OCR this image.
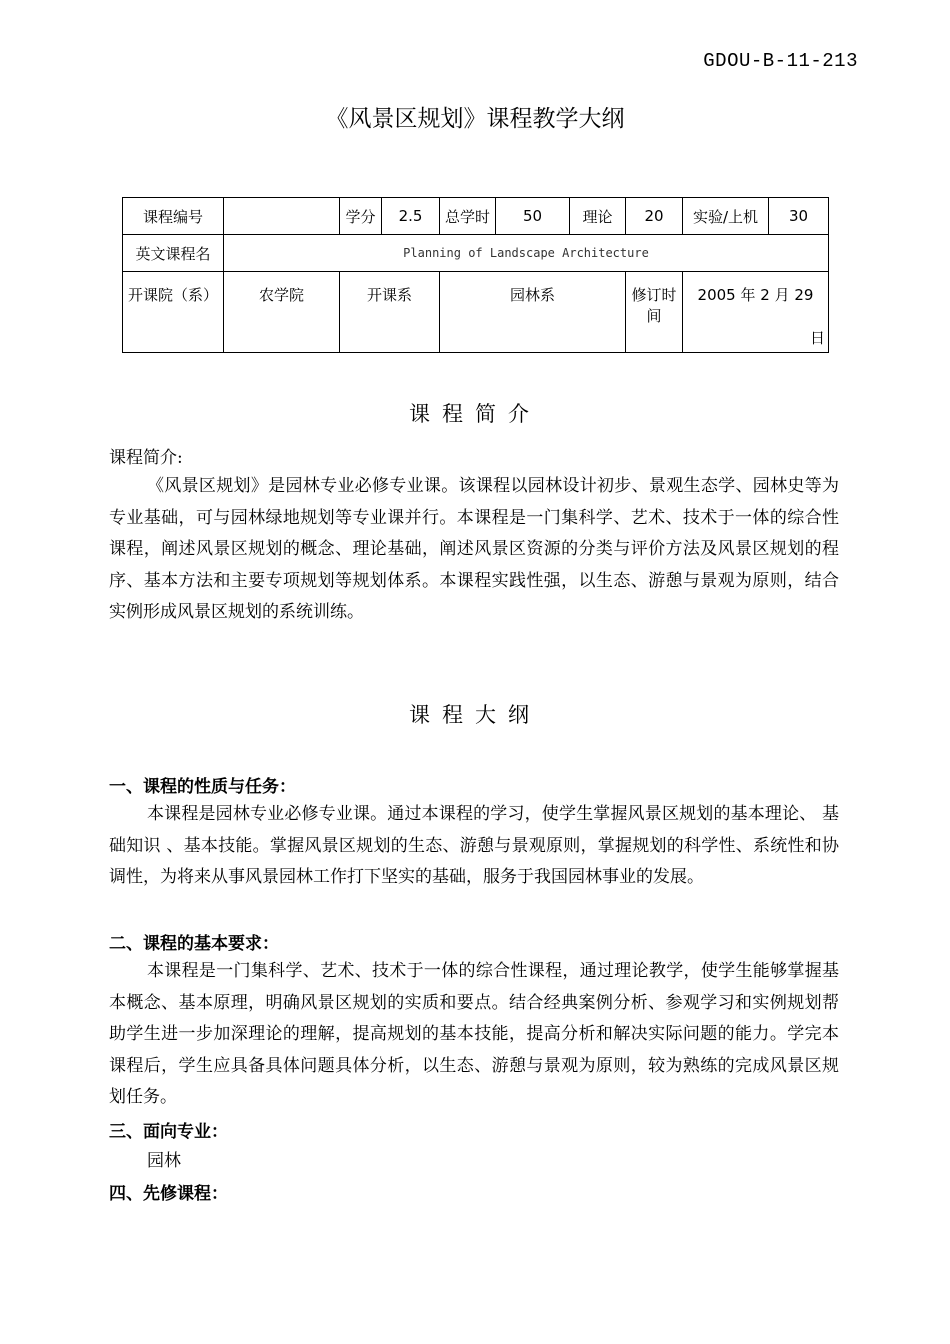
GDOU-B-11-213
《风景区规划》课程教学大纲
课程编号		学分	2.5	总学时	50	理论	20	实验/上机	30
英文课程名	Planning of Landscape Architecture								
开课院（系）	农学院	开课系		园林系			修订时间	2005 年 2 月 29
日	
课程简介
课程简介:
《风景区规划》是园林专业必修专业课。该课程以园林设计初步、景观生态学、园林史等为专业基础，可与园林绿地规划等专业课并行。本课程是一门集科学、艺术、技术于一体的综合性课程，阐述风景区规划的概念、理论基础，阐述风景区资源的分类与评价方法及风景区规划的程序、基本方法和主要专项规划等规划体系。本课程实践性强，以生态、游憩与景观为原则，结合实例形成风景区规划的系统训练。
课程大纲
一、课程的性质与任务：
本课程是园林专业必修专业课。通过本课程的学习，使学生掌握风景区规划的基本理论、 基础知识 、基本技能。掌握风景区规划的生态、游憩与景观原则，掌握规划的科学性、系统性和协调性，为将来从事风景园林工作打下坚实的基础，服务于我国园林事业的发展。
二、课程的基本要求：
本课程是一门集科学、艺术、技术于一体的综合性课程，通过理论教学，使学生能够掌握基本概念、基本原理，明确风景区规划的实质和要点。结合经典案例分析、参观学习和实例规划帮助学生进一步加深理论的理解，提高规划的基本技能，提高分析和解决实际问题的能力。学完本课程后，学生应具备具体问题具体分析，以生态、游憩与景观为原则，较为熟练的完成风景区规划任务。
三、面向专业：
园林
四、先修课程：
